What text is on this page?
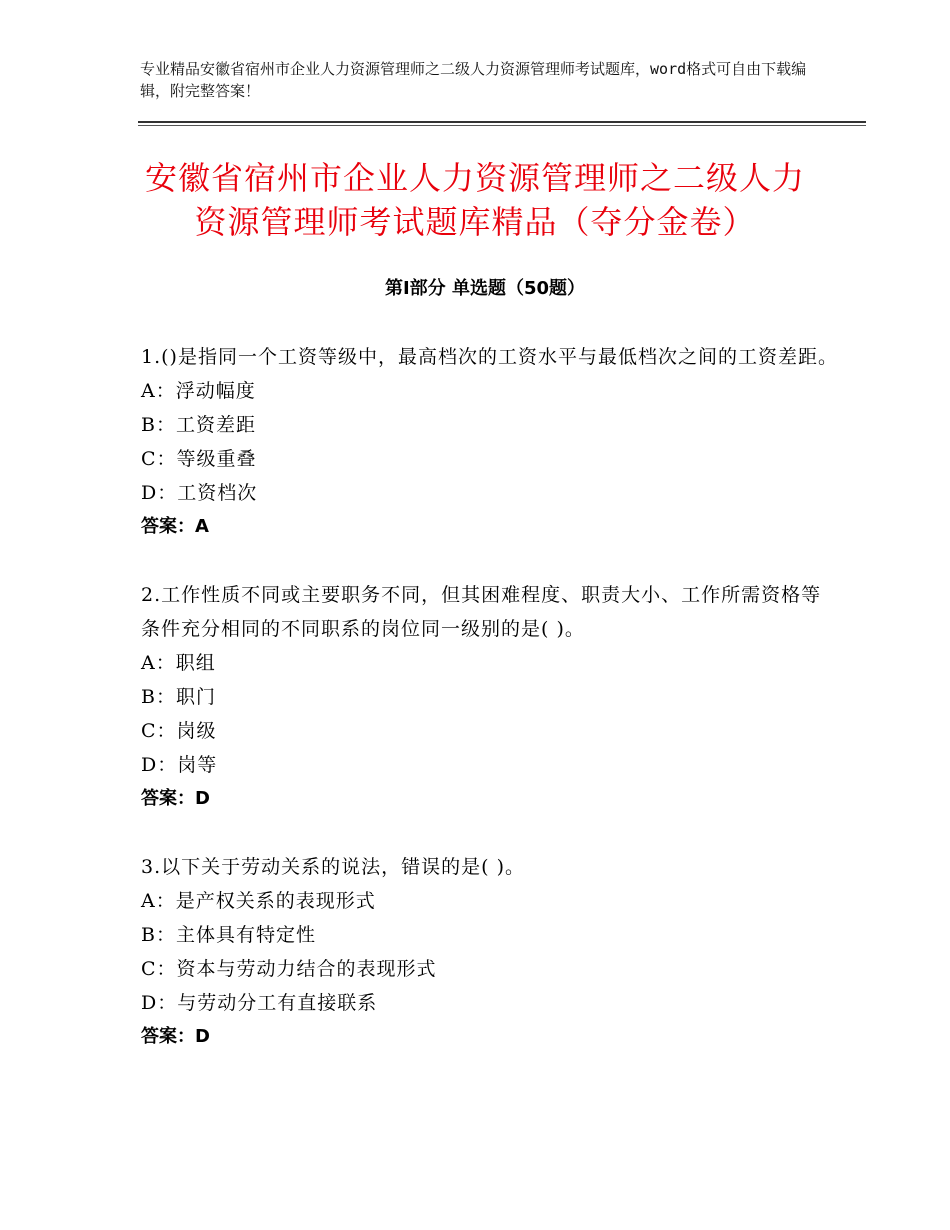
专业精品安徽省宿州市企业人力资源管理师之二级人力资源管理师考试题库，word格式可自由下载编辑，附完整答案！
安徽省宿州市企业人力资源管理师之二级人力资源管理师考试题库精品（夺分金卷）
第Ⅰ部分 单选题（50题）

1.()是指同一个工资等级中，最高档次的工资水平与最低档次之间的工资差距。

A：浮动幅度
B：工资差距
C：等级重叠
D：工资档次
答案：A

2.工作性质不同或主要职务不同，但其困难程度、职责大小、工作所需资格等条件充分相同的不同职系的岗位同一级别的是( )。

A：职组
B：职门
C：岗级
D：岗等
答案：D

3.以下关于劳动关系的说法，错误的是( )。

A：是产权关系的表现形式
B：主体具有特定性
C：资本与劳动力结合的表现形式
D：与劳动分工有直接联系
答案：D
